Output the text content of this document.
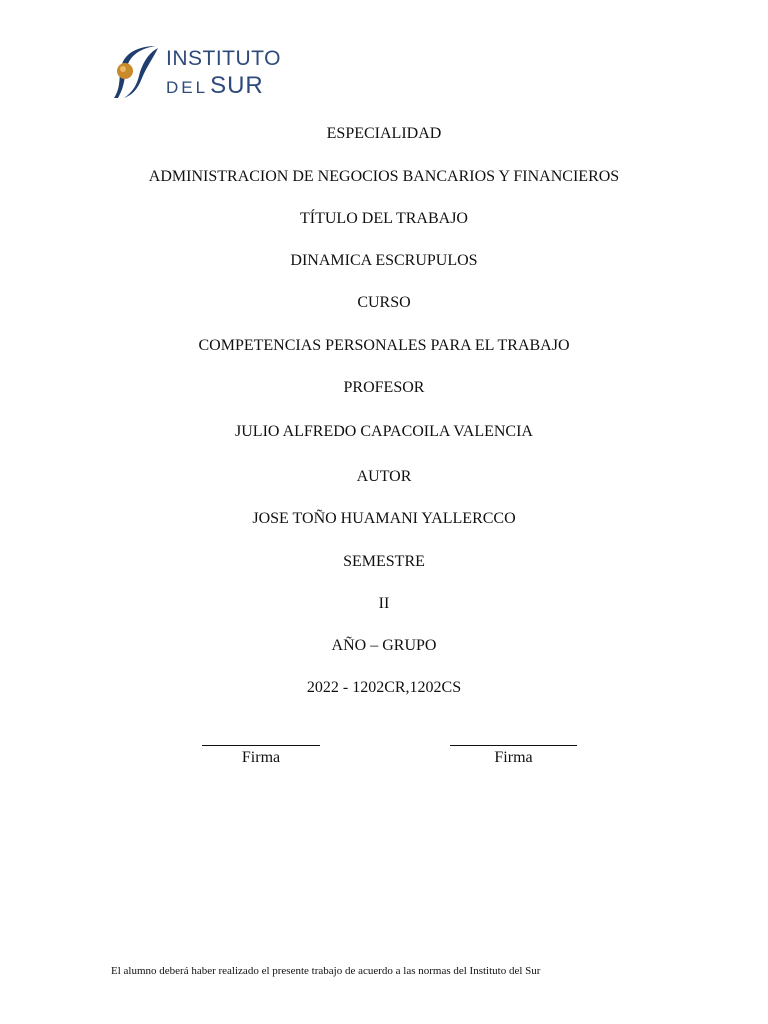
INSTITUTO
DELSUR
ESPECIALIDAD
ADMINISTRACION DE NEGOCIOS BANCARIOS Y FINANCIEROS
TÍTULO DEL TRABAJO
DINAMICA ESCRUPULOS
CURSO
COMPETENCIAS PERSONALES PARA EL TRABAJO
PROFESOR
JULIO ALFREDO CAPACOILA VALENCIA
AUTOR
JOSE TOÑO HUAMANI YALLERCCO
SEMESTRE
II
AÑO – GRUPO
2022 - 1202CR,1202CS
Firma	Firma
El alumno deberá haber realizado el presente trabajo de acuerdo a las normas del Instituto del Sur
